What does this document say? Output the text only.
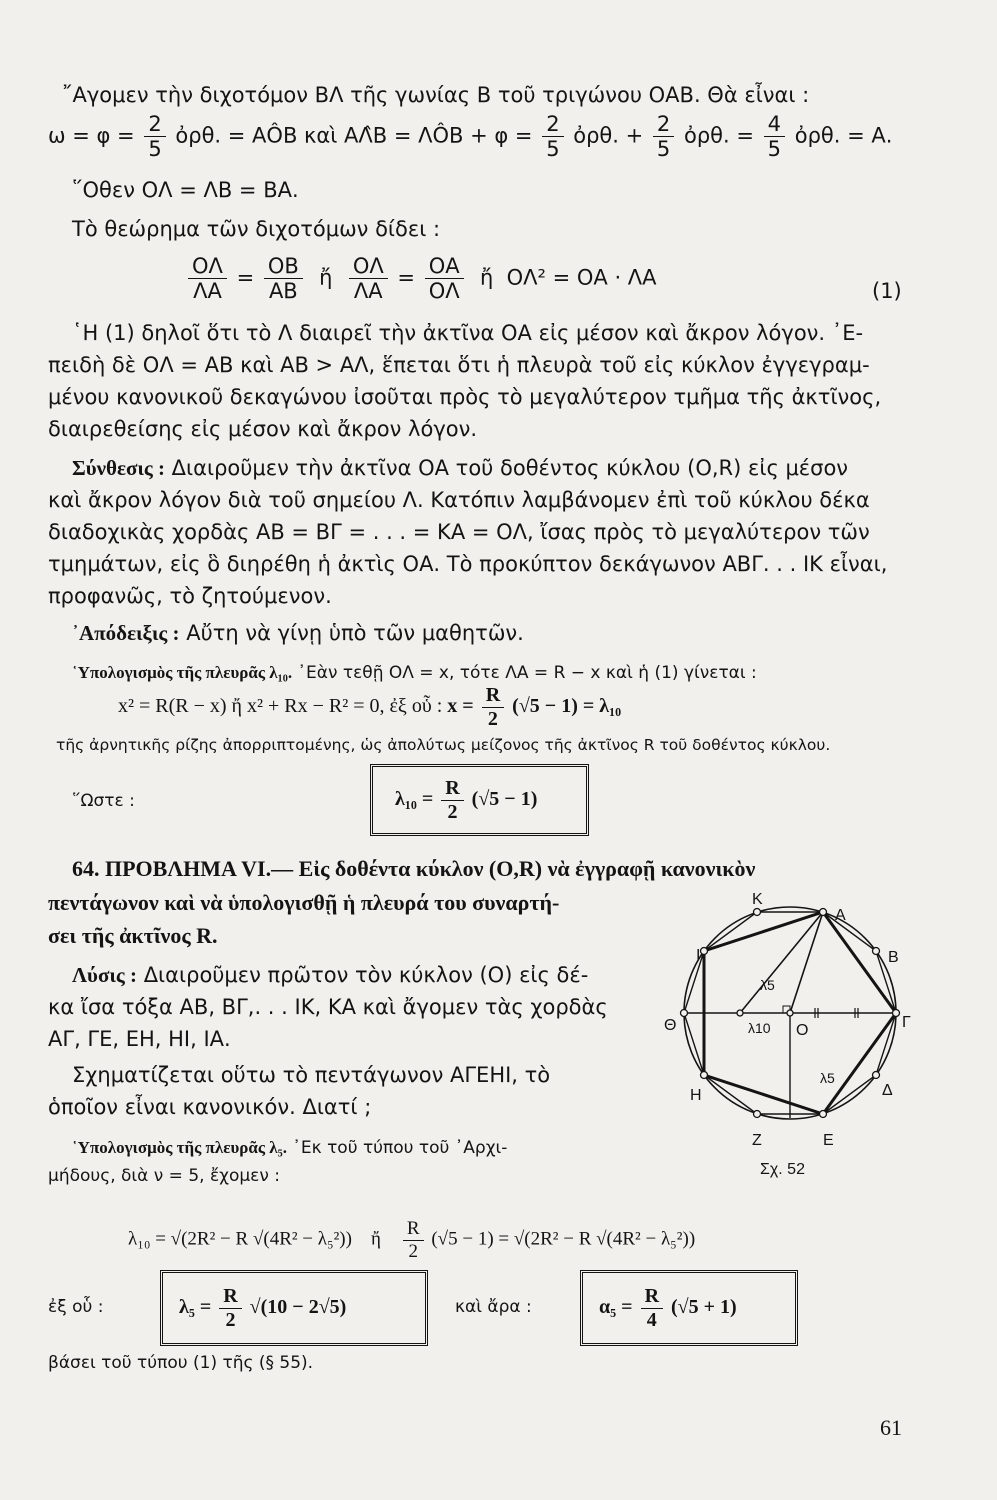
῎Αγομεν τὴν διχοτόμον ΒΛ τῆς γωνίας Β τοῦ τριγώνου ΟΑΒ. Θὰ εἶναι :
$\omega = \varphi = \frac{2}{5}$ ὀρθ. = ΑÔΒ καὶ ΑΛ̂Β = ΛÔΒ + $\varphi = \frac{2}{5}$ ὀρθ. + $\frac{2}{5}$ ὀρθ. = $\frac{4}{5}$ ὀρθ. = Α.
῞Οθεν ΟΛ = ΛΒ = ΒΑ.
Τὸ θεώρημα τῶν διχοτόμων δίδει :
$\frac{O\Lambda}{\Lambda A} = \frac{OB}{AB}$ ἤ $\frac{O\Lambda}{\Lambda A} = \frac{OA}{O\Lambda}$ ἤ ΟΛ² = ΟΑ · ΛΑ
(1)
῾Η (1) δηλοῖ ὅτι τὸ Λ διαιρεῖ τὴν ἀκτῖνα ΟΑ εἰς μέσον καὶ ἄκρον λόγον. ᾿Ε-
πειδὴ δὲ ΟΛ = ΑΒ καὶ ΑΒ > ΑΛ, ἕπεται ὅτι ἡ πλευρὰ τοῦ εἰς κύκλον ἐγγεγραμ-
μένου κανονικοῦ δεκαγώνου ἰσοῦται πρὸς τὸ μεγαλύτερον τμῆμα τῆς ἀκτῖνος,
διαιρεθείσης εἰς μέσον καὶ ἄκρον λόγον.
Σύνθεσις : Διαιροῦμεν τὴν ἀκτῖνα ΟΑ τοῦ δοθέντος κύκλου (Ο,R) εἰς μέσον
καὶ ἄκρον λόγον διὰ τοῦ σημείου Λ. Κατόπιν λαμβάνομεν ἐπὶ τοῦ κύκλου δέκα
διαδοχικὰς χορδὰς ΑΒ = ΒΓ = . . . = ΚΑ = ΟΛ, ἴσας πρὸς τὸ μεγαλύτερον τῶν
τμημάτων, εἰς ὃ διηρέθη ἡ ἀκτὶς ΟΑ. Τὸ προκύπτον δεκάγωνον ΑΒΓ. . . ΙΚ εἶναι,
προφανῶς, τὸ ζητούμενον.
᾿Απόδειξις : Αὔτη νὰ γίνῃ ὑπὸ τῶν μαθητῶν.
῾Υπολογισμὸς τῆς πλευρᾶς λ₁₀. ᾿Εὰν τεθῇ ΟΛ = x, τότε ΛΑ = R − x καὶ ἡ (1) γίνεται :
x² = R(R − x) ἤ x² + Rx − R² = 0, ἐξ οὗ : $x = \frac{R}{2} (√5 - 1) = \lambda_{10}$
τῆς ἀρνητικῆς ρίζης ἀπορριπτομένης, ὡς ἀπολύτως μείζονος τῆς ἀκτῖνος R τοῦ δοθέντος κύκλου.
῞Ωστε :	$\lambda_{10} = \frac{R}{2} (√5 - 1)$
64. ΠΡΟΒΛΗΜΑ VI.— Εἰς δοθέντα κύκλον (Ο,R) νὰ ἐγγραφῇ κανονικὸν
πεντάγωνον καὶ νὰ ὑπολογισθῇ ἡ πλευρά του συναρτή-
σει τῆς ἀκτῖνος R.
Λύσις : Διαιροῦμεν πρῶτον τὸν κύκλον (Ο) εἰς δέ-
κα ἴσα τόξα ΑΒ, ΒΓ,. . . ΙΚ, ΚΑ καὶ ἄγομεν τὰς χορδὰς
ΑΓ, ΓΕ, ΕΗ, ΗΙ, ΙΑ.
Σχηματίζεται οὕτω τὸ πεντάγωνον ΑΓΕΗΙ, τὸ
ὁποῖον εἶναι κανονικόν. Διατί ;
῾Υπολογισμὸς τῆς πλευρᾶς λ₅. ᾿Εκ τοῦ τύπου τοῦ ᾿Αρχι-
μήδους, διὰ ν = 5, ἔχομεν :
λ₁₀ = √(2R² − R √(4R² − λ₅²)) ἤ $\frac{R}{2} (√5 - 1) = √(2R^2 - R$ √(4R² − λ₅²))
ἐξ οὗ :	$\lambda_5 = \frac{R}{2} √(10 - 2√5)$	καὶ ἄρα :	$\alpha_5 = \frac{R}{4} (√5 + 1)$
βάσει τοῦ τύπου (1) τῆς (§ 55).
Κ
Α
Β
Ι
Θ	Γ
Η	Δ
Ζ	Ε
Ο
λ5
λ10
λ5
Σχ. 52
61
